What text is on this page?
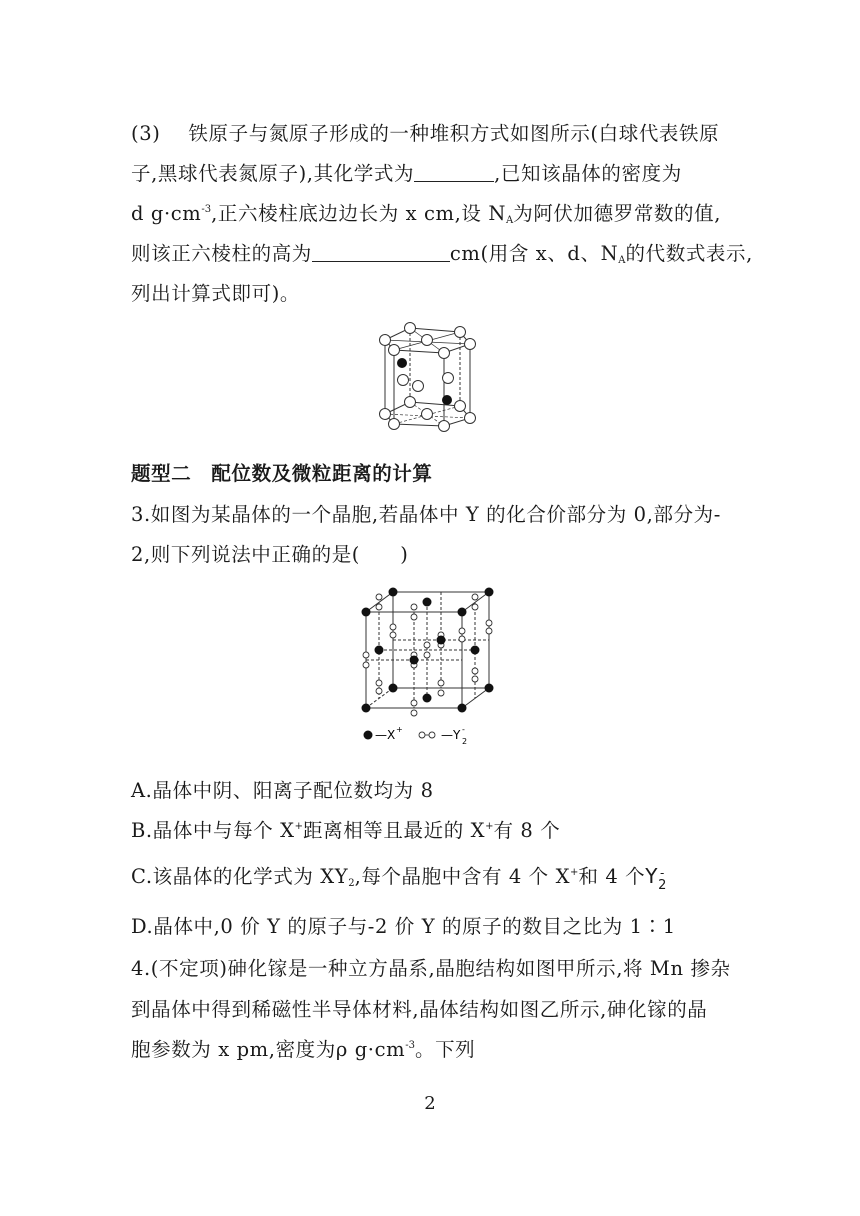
(3) 铁原子与氮原子形成的一种堆积方式如图所示(白球代表铁原
子,黑球代表氮原子),其化学式为	,已知该晶体的密度为
d $g\cdot cm^{-3}$,正六棱柱底边边长为 x cm,设 $N_A$为阿伏加德罗常数的值,
则该正六棱柱的高为	cm(用含 x、d、$N_A$的代数式表示,
列出计算式即可)。
题型二　配位数及微粒距离的计算
3.如图为某晶体的一个晶胞,若晶体中 Y 的化合价部分为 0,部分为-
2,则下列说法中正确的是(　　)
—X +	—Y -
2
A.晶体中阴、阳离子配位数均为 8
B.晶体中与每个 X+距离相等且最近的 X+有 8 个
C.该晶体的化学式为 $XY_2$,每个晶胞中含有 4 个 X+和 4 个$Y_2^-$
D.晶体中,0 价 Y 的原子与-2 价 Y 的原子的数目之比为 1∶1
4.(不定项)砷化镓是一种立方晶系,晶胞结构如图甲所示,将 Mn 掺杂
到晶体中得到稀磁性半导体材料,晶体结构如图乙所示,砷化镓的晶
胞参数为 x pm,密度为ρ $g\cdot cm^{-3}$。下列
2
